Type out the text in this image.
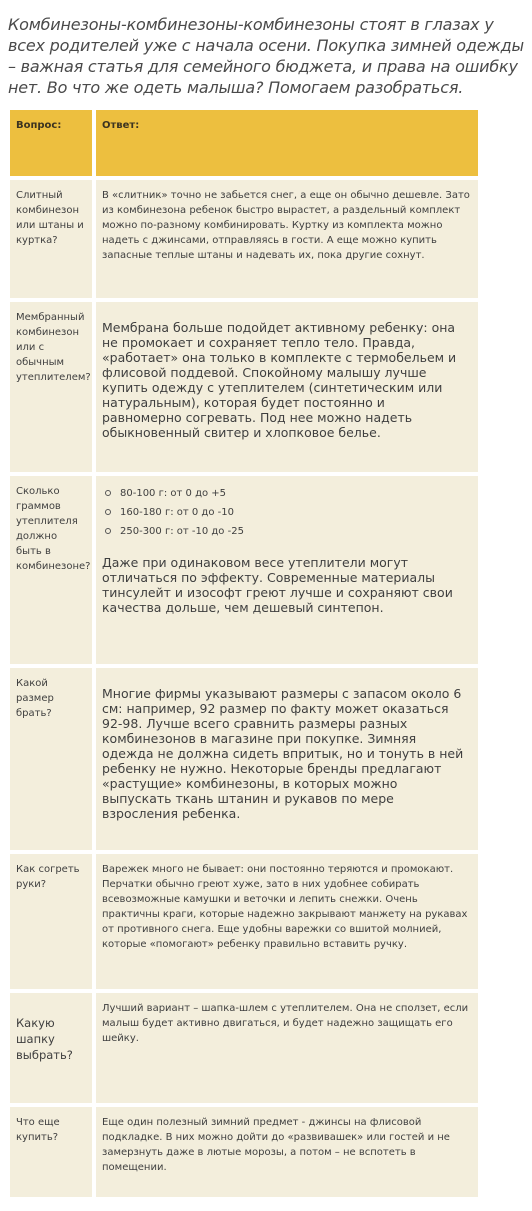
Комбинезоны-комбинезоны-комбинезоны стоят в глазах у всех родителей уже с начала осени. Покупка зимней одежды – важная статья для семейного бюджета, и права на ошибку нет. Во что же одеть малыша? Помогаем разобраться.

Вопрос:	Ответ:
Слитный комбинезон или штаны и куртка?
В «слитник» точно не забьется снег, а еще он обычно дешевле. Зато из комбинезона ребенок быстро вырастет, а раздельный комплект можно по-разному комбинировать. Куртку из комплекта можно надеть с джинсами, отправляясь в гости. А еще можно купить запасные теплые штаны и надевать их, пока другие сохнут.
Мембранный комбинезон или с обычным утеплителем?
Мембрана больше подойдет активному ребенку: она не промокает и сохраняет тепло тело. Правда, «работает» она только в комплекте с термобельем и флисовой поддевой. Спокойному малышу лучше купить одежду с утеплителем (синтетическим или натуральным), которая будет постоянно и равномерно согревать. Под нее можно надеть обыкновенный свитер и хлопковое белье.
Сколько граммов утеплителя должно быть в комбинезоне?
80-100 г: от 0 до +5
160-180 г: от 0 до -10
250-300 г: от -10 до -25
Даже при одинаковом весе утеплители могут отличаться по эффекту. Современные материалы тинсулейт и изософт греют лучше и сохраняют свои качества дольше, чем дешевый синтепон.
Какой размер брать?
Многие фирмы указывают размеры с запасом около 6 см: например, 92 размер по факту может оказаться 92-98. Лучше всего сравнить размеры разных комбинезонов в магазине при покупке. Зимняя одежда не должна сидеть впритык, но и тонуть в ней ребенку не нужно. Некоторые бренды предлагают «растущие» комбинезоны, в которых можно выпускать ткань штанин и рукавов по мере взросления ребенка.
Как согреть руки?
Варежек много не бывает: они постоянно теряются и промокают. Перчатки обычно греют хуже, зато в них удобнее собирать всевозможные камушки и веточки и лепить снежки. Очень практичны краги, которые надежно закрывают манжету на рукавах от противного снега. Еще удобны варежки со вшитой молнией, которые «помогают» ребенку правильно вставить ручку.
Какую шапку выбрать?
Лучший вариант – шапка-шлем с утеплителем. Она не сползет, если малыш будет активно двигаться, и будет надежно защищать его шейку.
Что еще купить?
Еще один полезный зимний предмет - джинсы на флисовой подкладке. В них можно дойти до «развивашек» или гостей и не замерзнуть даже в лютые морозы, а потом – не вспотеть в помещении.
